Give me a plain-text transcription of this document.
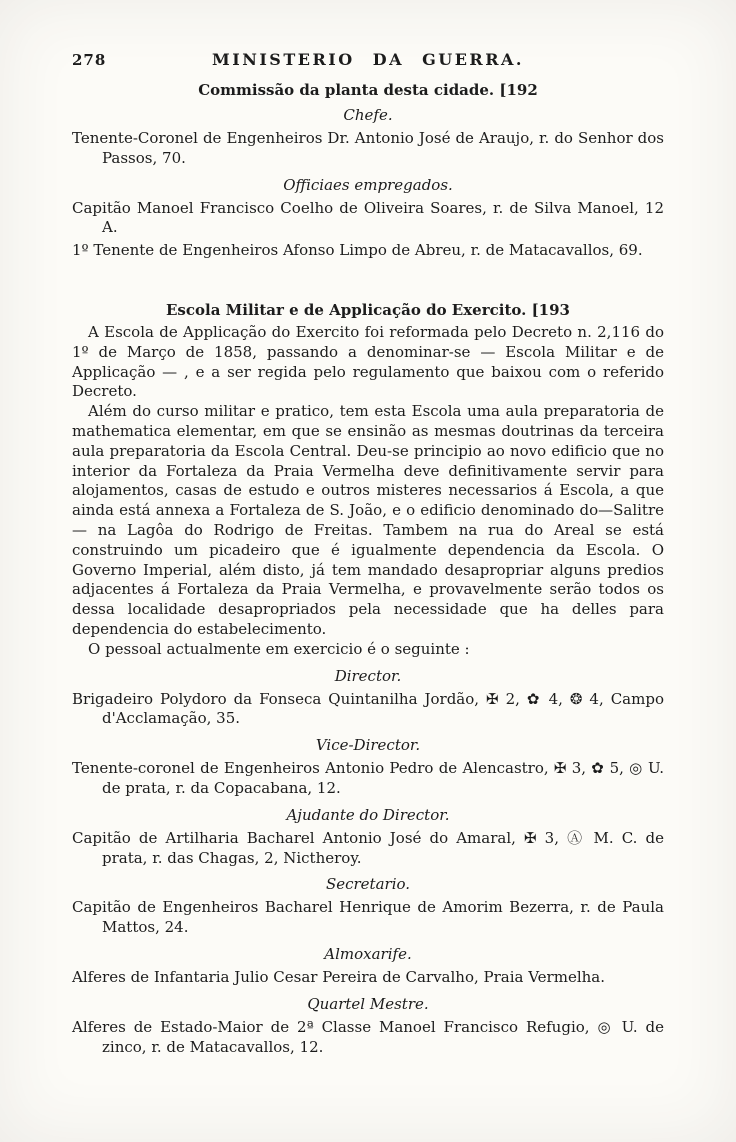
278	MINISTERIO DA GUERRA.
Commissão da planta desta cidade. [192
Chefe.

Tenente-Coronel de Engenheiros Dr. Antonio José de Araujo, r. do Senhor dos Passos, 70.

Officiaes empregados.

Capitão Manoel Francisco Coelho de Oliveira Soares, r. de Silva Manoel, 12 A.

1º Tenente de Engenheiros Afonso Limpo de Abreu, r. de Matacavallos, 69.

Escola Militar e de Applicação do Exercito. [193

A Escola de Applicação do Exercito foi reformada pelo Decreto n. 2,116 do 1º de Março de 1858, passando a denominar-se — Escola Militar e de Applicação — , e a ser regida pelo regulamento que baixou com o referido Decreto.

Além do curso militar e pratico, tem esta Escola uma aula preparatoria de mathematica elementar, em que se ensinão as mesmas doutrinas da terceira aula preparatoria da Escola Central. Deu-se principio ao novo edificio que no interior da Fortaleza da Praia Vermelha deve definitivamente servir para alojamentos, casas de estudo e outros misteres necessarios á Escola, a que ainda está annexa a Fortaleza de S. João, e o edificio denominado do—Salitre— na Lagôa do Rodrigo de Freitas. Tambem na rua do Areal se está construindo um picadeiro que é igualmente dependencia da Escola. O Governo Imperial, além disto, já tem mandado desapropriar alguns predios adjacentes á Fortaleza da Praia Vermelha, e provavelmente serão todos os dessa localidade desapropriados pela necessidade que ha delles para dependencia do estabelecimento.

O pessoal actualmente em exercicio é o seguinte :

Director.

Brigadeiro Polydoro da Fonseca Quintanilha Jordão, ✠ 2, ✿ 4, ❂ 4, Campo d'Acclamação, 35.

Vice-Director.

Tenente-coronel de Engenheiros Antonio Pedro de Alencastro, ✠ 3, ✿ 5, ◎ U. de prata, r. da Copacabana, 12.

Ajudante do Director.

Capitão de Artilharia Bacharel Antonio José do Amaral, ✠ 3, Ⓐ M. C. de prata, r. das Chagas, 2, Nictheroy.

Secretario.

Capitão de Engenheiros Bacharel Henrique de Amorim Bezerra, r. de Paula Mattos, 24.

Almoxarife.

Alferes de Infantaria Julio Cesar Pereira de Carvalho, Praia Vermelha.

Quartel Mestre.

Alferes de Estado-Maior de 2ª Classe Manoel Francisco Refugio, ◎ U. de zinco, r. de Matacavallos, 12.
